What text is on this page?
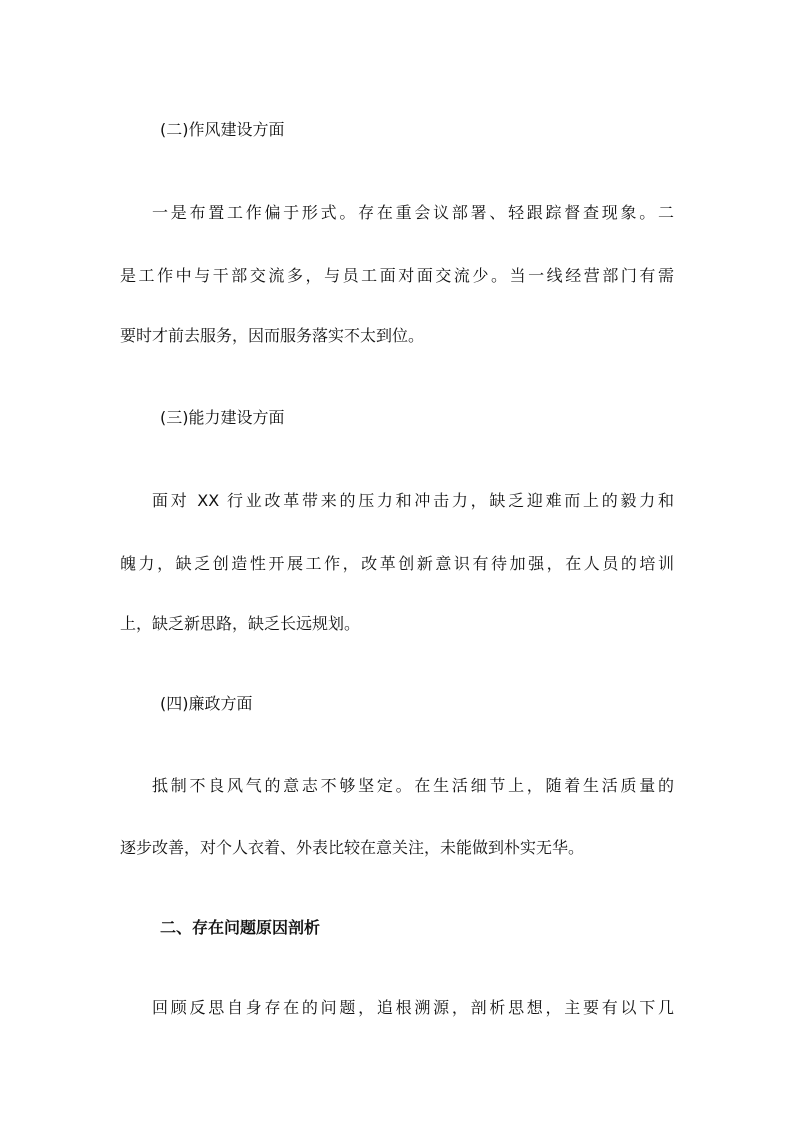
(二)作风建设方面
一是布置工作偏于形式。存在重会议部署、轻跟踪督查现象。二
是工作中与干部交流多，与员工面对面交流少。当一线经营部门有需
要时才前去服务，因而服务落实不太到位。
(三)能力建设方面
面对 XX 行业改革带来的压力和冲击力，缺乏迎难而上的毅力和
魄力，缺乏创造性开展工作，改革创新意识有待加强，在人员的培训
上，缺乏新思路，缺乏长远规划。
(四)廉政方面
抵制不良风气的意志不够坚定。在生活细节上，随着生活质量的
逐步改善，对个人衣着、外表比较在意关注，未能做到朴实无华。
二、存在问题原因剖析
回顾反思自身存在的问题，追根溯源，剖析思想，主要有以下几
